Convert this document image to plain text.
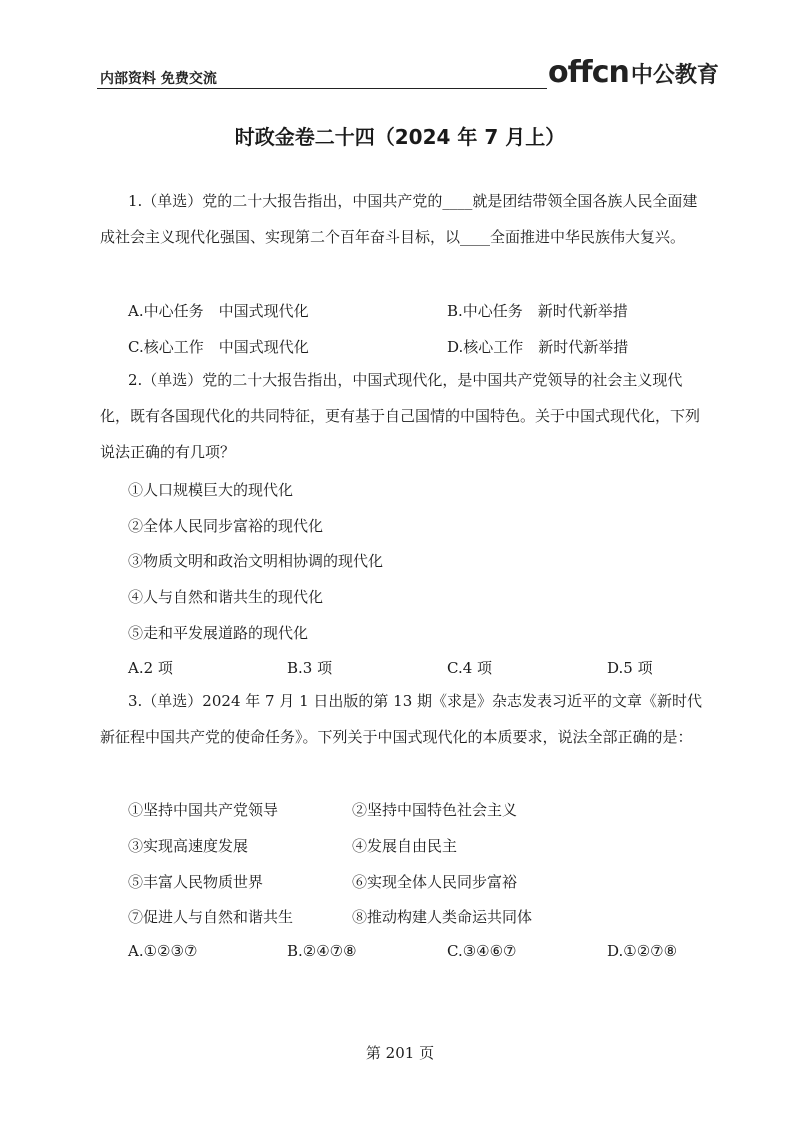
内部资料 免费交流	offcn 中公教育
时政金卷二十四（2024 年 7 月上）

1.（单选）党的二十大报告指出，中国共产党的____就是团结带领全国各族人民全面建成社会主义现代化强国、实现第二个百年奋斗目标，以____全面推进中华民族伟大复兴。

A.中心任务　中国式现代化	B.中心任务　新时代新举措
C.核心工作　中国式现代化	D.核心工作　新时代新举措

2.（单选）党的二十大报告指出，中国式现代化，是中国共产党领导的社会主义现代化，既有各国现代化的共同特征，更有基于自己国情的中国特色。关于中国式现代化，下列说法正确的有几项？

①人口规模巨大的现代化
②全体人民同步富裕的现代化
③物质文明和政治文明相协调的现代化
④人与自然和谐共生的现代化
⑤走和平发展道路的现代化
A.2 项	B.3 项	C.4 项	D.5 项

3.（单选）2024 年 7 月 1 日出版的第 13 期《求是》杂志发表习近平的文章《新时代新征程中国共产党的使命任务》。下列关于中国式现代化的本质要求，说法全部正确的是：

①坚持中国共产党领导	②坚持中国特色社会主义
③实现高速度发展	④发展自由民主
⑤丰富人民物质世界	⑥实现全体人民同步富裕
⑦促进人与自然和谐共生	⑧推动构建人类命运共同体
A.①②③⑦	B.②④⑦⑧	C.③④⑥⑦	D.①②⑦⑧
第 201 页
